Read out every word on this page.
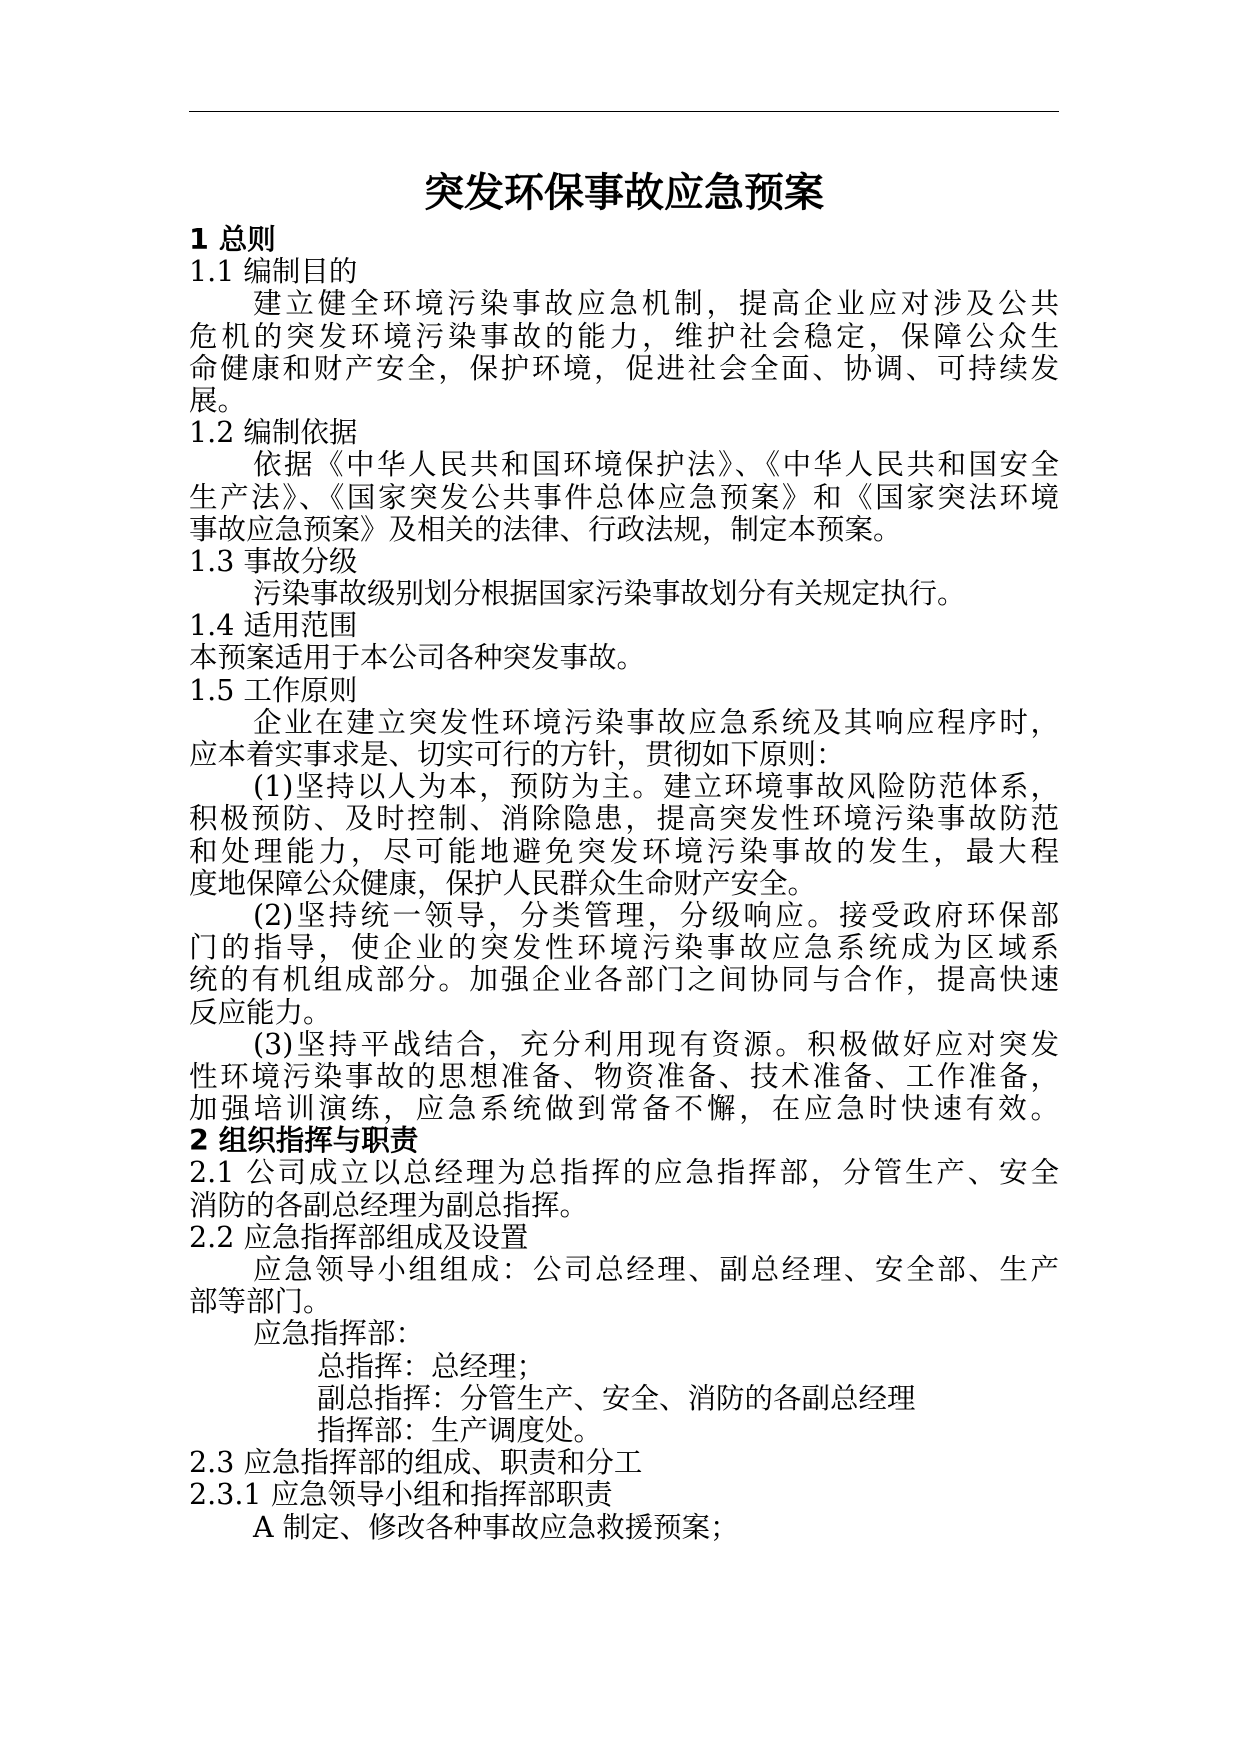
突发环保事故应急预案
1 总则
1.1 编制目的
建立健全环境污染事故应急机制，提高企业应对涉及公共
危机的突发环境污染事故的能力，维护社会稳定，保障公众生
命健康和财产安全，保护环境，促进社会全面、协调、可持续发
展。
1.2 编制依据
依据《中华人民共和国环境保护法》、《中华人民共和国安全
生产法》、《国家突发公共事件总体应急预案》和《国家突法环境
事故应急预案》及相关的法律、行政法规，制定本预案。
1.3 事故分级
污染事故级别划分根据国家污染事故划分有关规定执行。
1.4 适用范围
本预案适用于本公司各种突发事故。
1.5 工作原则
企业在建立突发性环境污染事故应急系统及其响应程序时，
应本着实事求是、切实可行的方针，贯彻如下原则：
(1)坚持以人为本，预防为主。建立环境事故风险防范体系，
积极预防、及时控制、消除隐患，提高突发性环境污染事故防范
和处理能力，尽可能地避免突发环境污染事故的发生，最大程
度地保障公众健康，保护人民群众生命财产安全。
(2)坚持统一领导，分类管理，分级响应。接受政府环保部
门的指导，使企业的突发性环境污染事故应急系统成为区域系
统的有机组成部分。加强企业各部门之间协同与合作，提高快速
反应能力。
(3)坚持平战结合，充分利用现有资源。积极做好应对突发
性环境污染事故的思想准备、物资准备、技术准备、工作准备，
加强培训演练，应急系统做到常备不懈，在应急时快速有效。
2 组织指挥与职责
2.1 公司成立以总经理为总指挥的应急指挥部，分管生产、安全
消防的各副总经理为副总指挥。
2.2 应急指挥部组成及设置
应急领导小组组成：公司总经理、副总经理、安全部、生产
部等部门。
应急指挥部：
总指挥：总经理；
副总指挥：分管生产、安全、消防的各副总经理
指挥部：生产调度处。
2.3 应急指挥部的组成、职责和分工
2.3.1 应急领导小组和指挥部职责
A 制定、修改各种事故应急救援预案；
